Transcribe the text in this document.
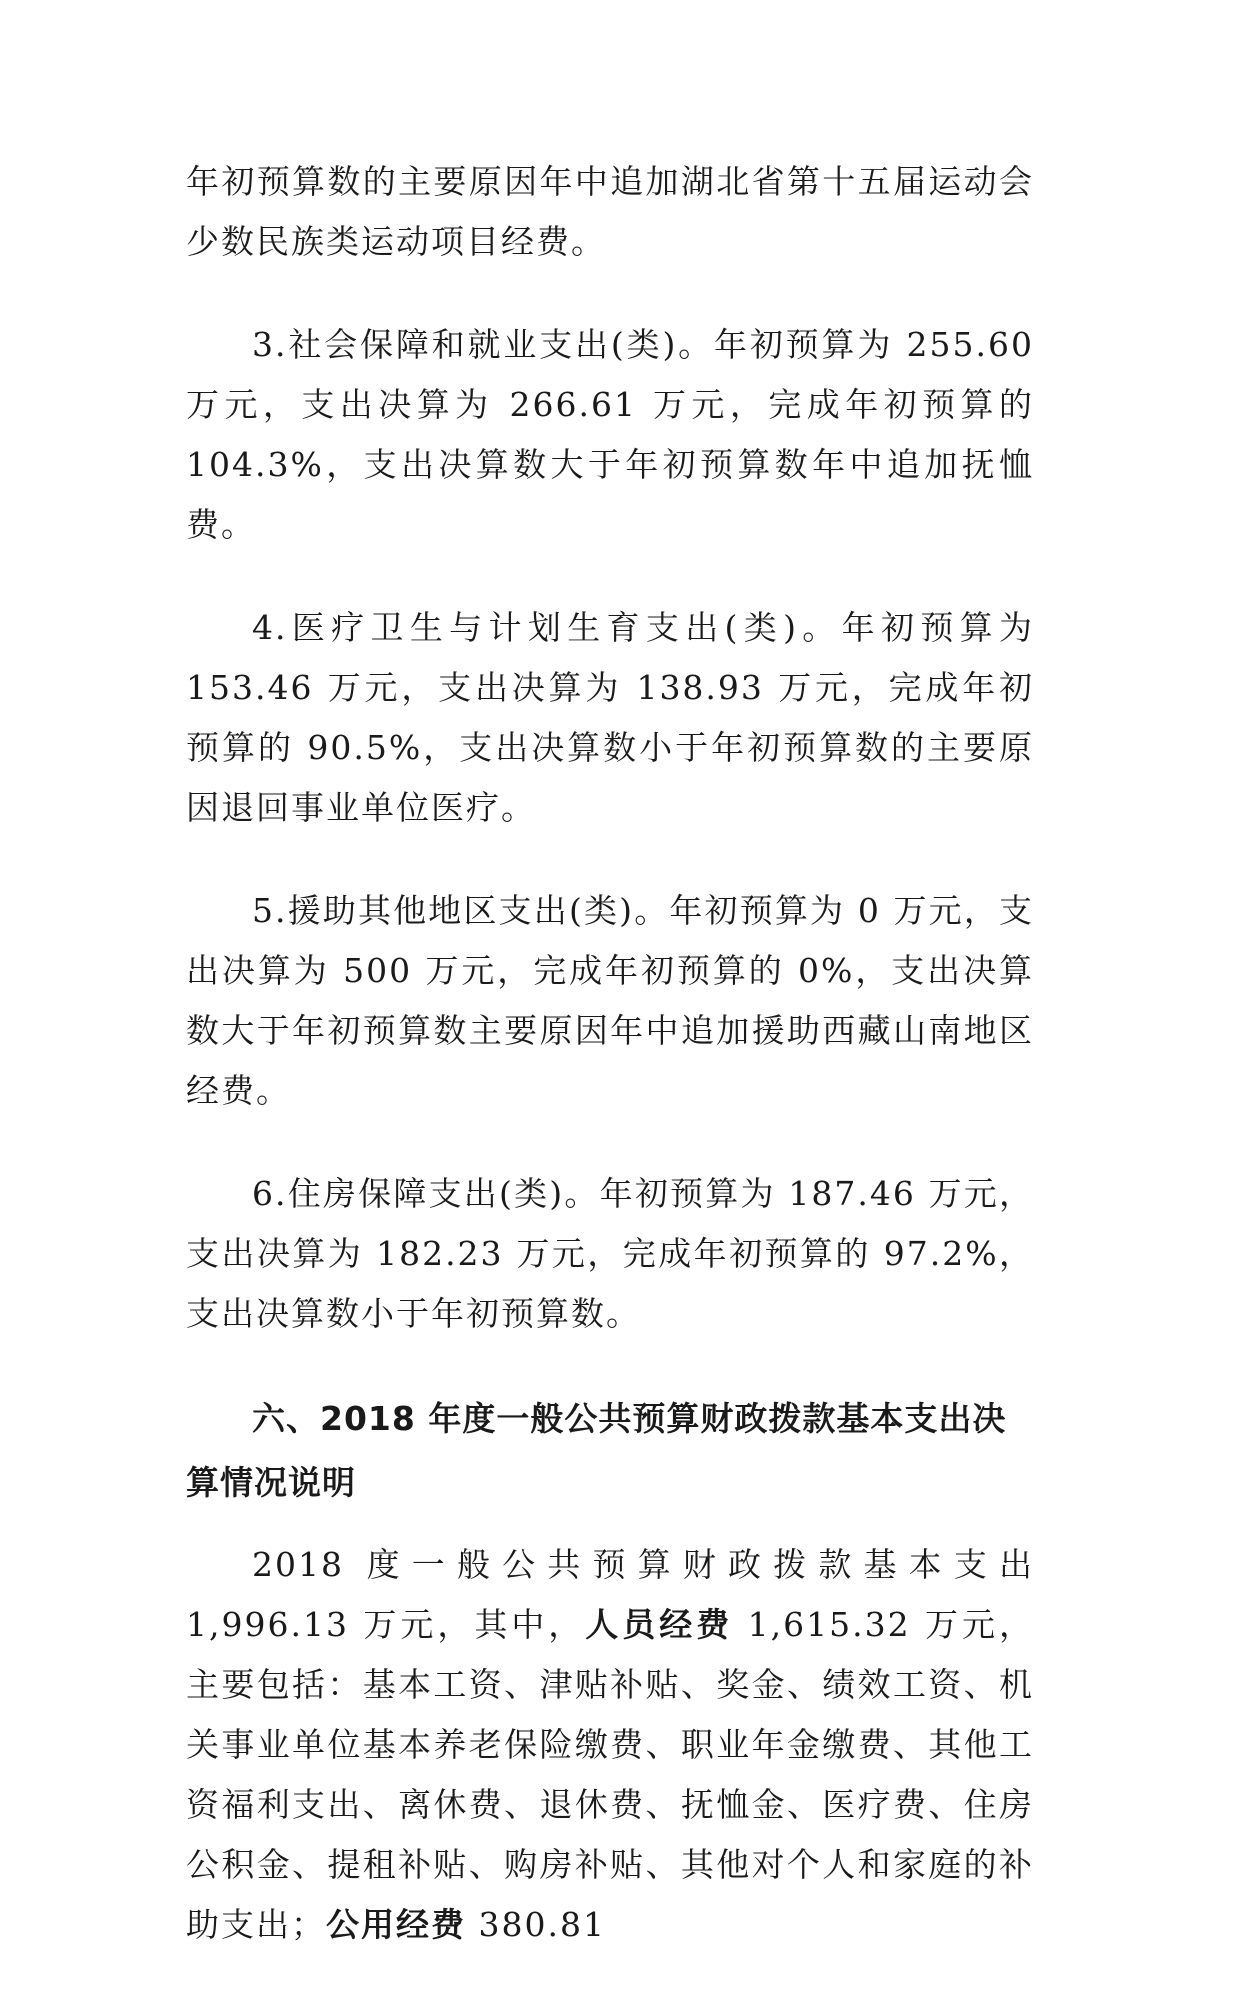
年初预算数的主要原因年中追加湖北省第十五届运动会少数民族类运动项目经费。

3.社会保障和就业支出(类)。年初预算为 255.60 万元，支出决算为 266.61 万元，完成年初预算的 104.3%，支出决算数大于年初预算数年中追加抚恤费。

4.医疗卫生与计划生育支出(类)。年初预算为 153.46 万元，支出决算为 138.93 万元，完成年初预算的 90.5%，支出决算数小于年初预算数的主要原因退回事业单位医疗。

5.援助其他地区支出(类)。年初预算为 0 万元，支出决算为 500 万元，完成年初预算的 0%，支出决算数大于年初预算数主要原因年中追加援助西藏山南地区经费。

6.住房保障支出(类)。年初预算为 187.46 万元，支出决算为 182.23 万元，完成年初预算的 97.2%，支出决算数小于年初预算数。

六、2018 年度一般公共预算财政拨款基本支出决算情况说明

2018 度一般公共预算财政拨款基本支出 1,996.13 万元，其中，人员经费 1,615.32 万元，主要包括：基本工资、津贴补贴、奖金、绩效工资、机关事业单位基本养老保险缴费、职业年金缴费、其他工资福利支出、离休费、退休费、抚恤金、医疗费、住房公积金、提租补贴、购房补贴、其他对个人和家庭的补助支出；公用经费 380.81
